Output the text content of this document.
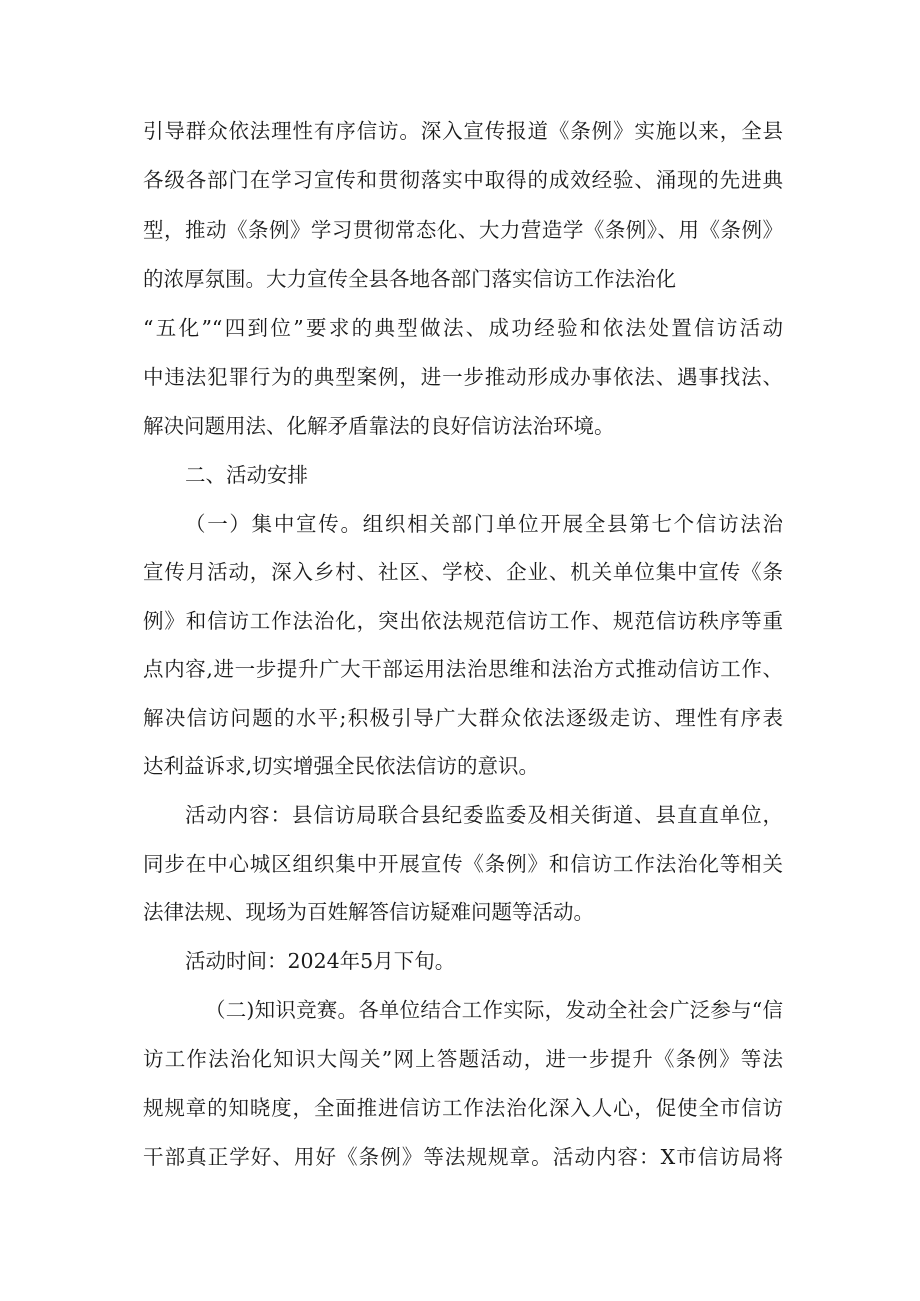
引导群众依法理性有序信访。深入宣传报道《条例》实施以来，全县
各级各部门在学习宣传和贯彻落实中取得的成效经验、涌现的先进典
型，推动《条例》学习贯彻常态化、大力营造学《条例》、用《条例》
的浓厚氛围。大力宣传全县各地各部门落实信访工作法治化
“五化”“四到位”要求的典型做法、成功经验和依法处置信访活动
中违法犯罪行为的典型案例，进一步推动形成办事依法、遇事找法、
解决问题用法、化解矛盾靠法的良好信访法治环境。
二、活动安排
（一）集中宣传。组织相关部门单位开展全县第七个信访法治
宣传月活动，深入乡村、社区、学校、企业、机关单位集中宣传《条
例》和信访工作法治化，突出依法规范信访工作、规范信访秩序等重
点内容,进一步提升广大干部运用法治思维和法治方式推动信访工作、
解决信访问题的水平;积极引导广大群众依法逐级走访、理性有序表
达利益诉求,切实增强全民依法信访的意识。
活动内容：县信访局联合县纪委监委及相关街道、县直直单位，
同步在中心城区组织集中开展宣传《条例》和信访工作法治化等相关
法律法规、现场为百姓解答信访疑难问题等活动。
活动时间：2024年5月下旬。
（二)知识竞赛。各单位结合工作实际，发动全社会广泛参与“信
访工作法治化知识大闯关”网上答题活动，进一步提升《条例》等法
规规章的知晓度，全面推进信访工作法治化深入人心，促使全市信访
干部真正学好、用好《条例》等法规规章。活动内容：X市信访局将
